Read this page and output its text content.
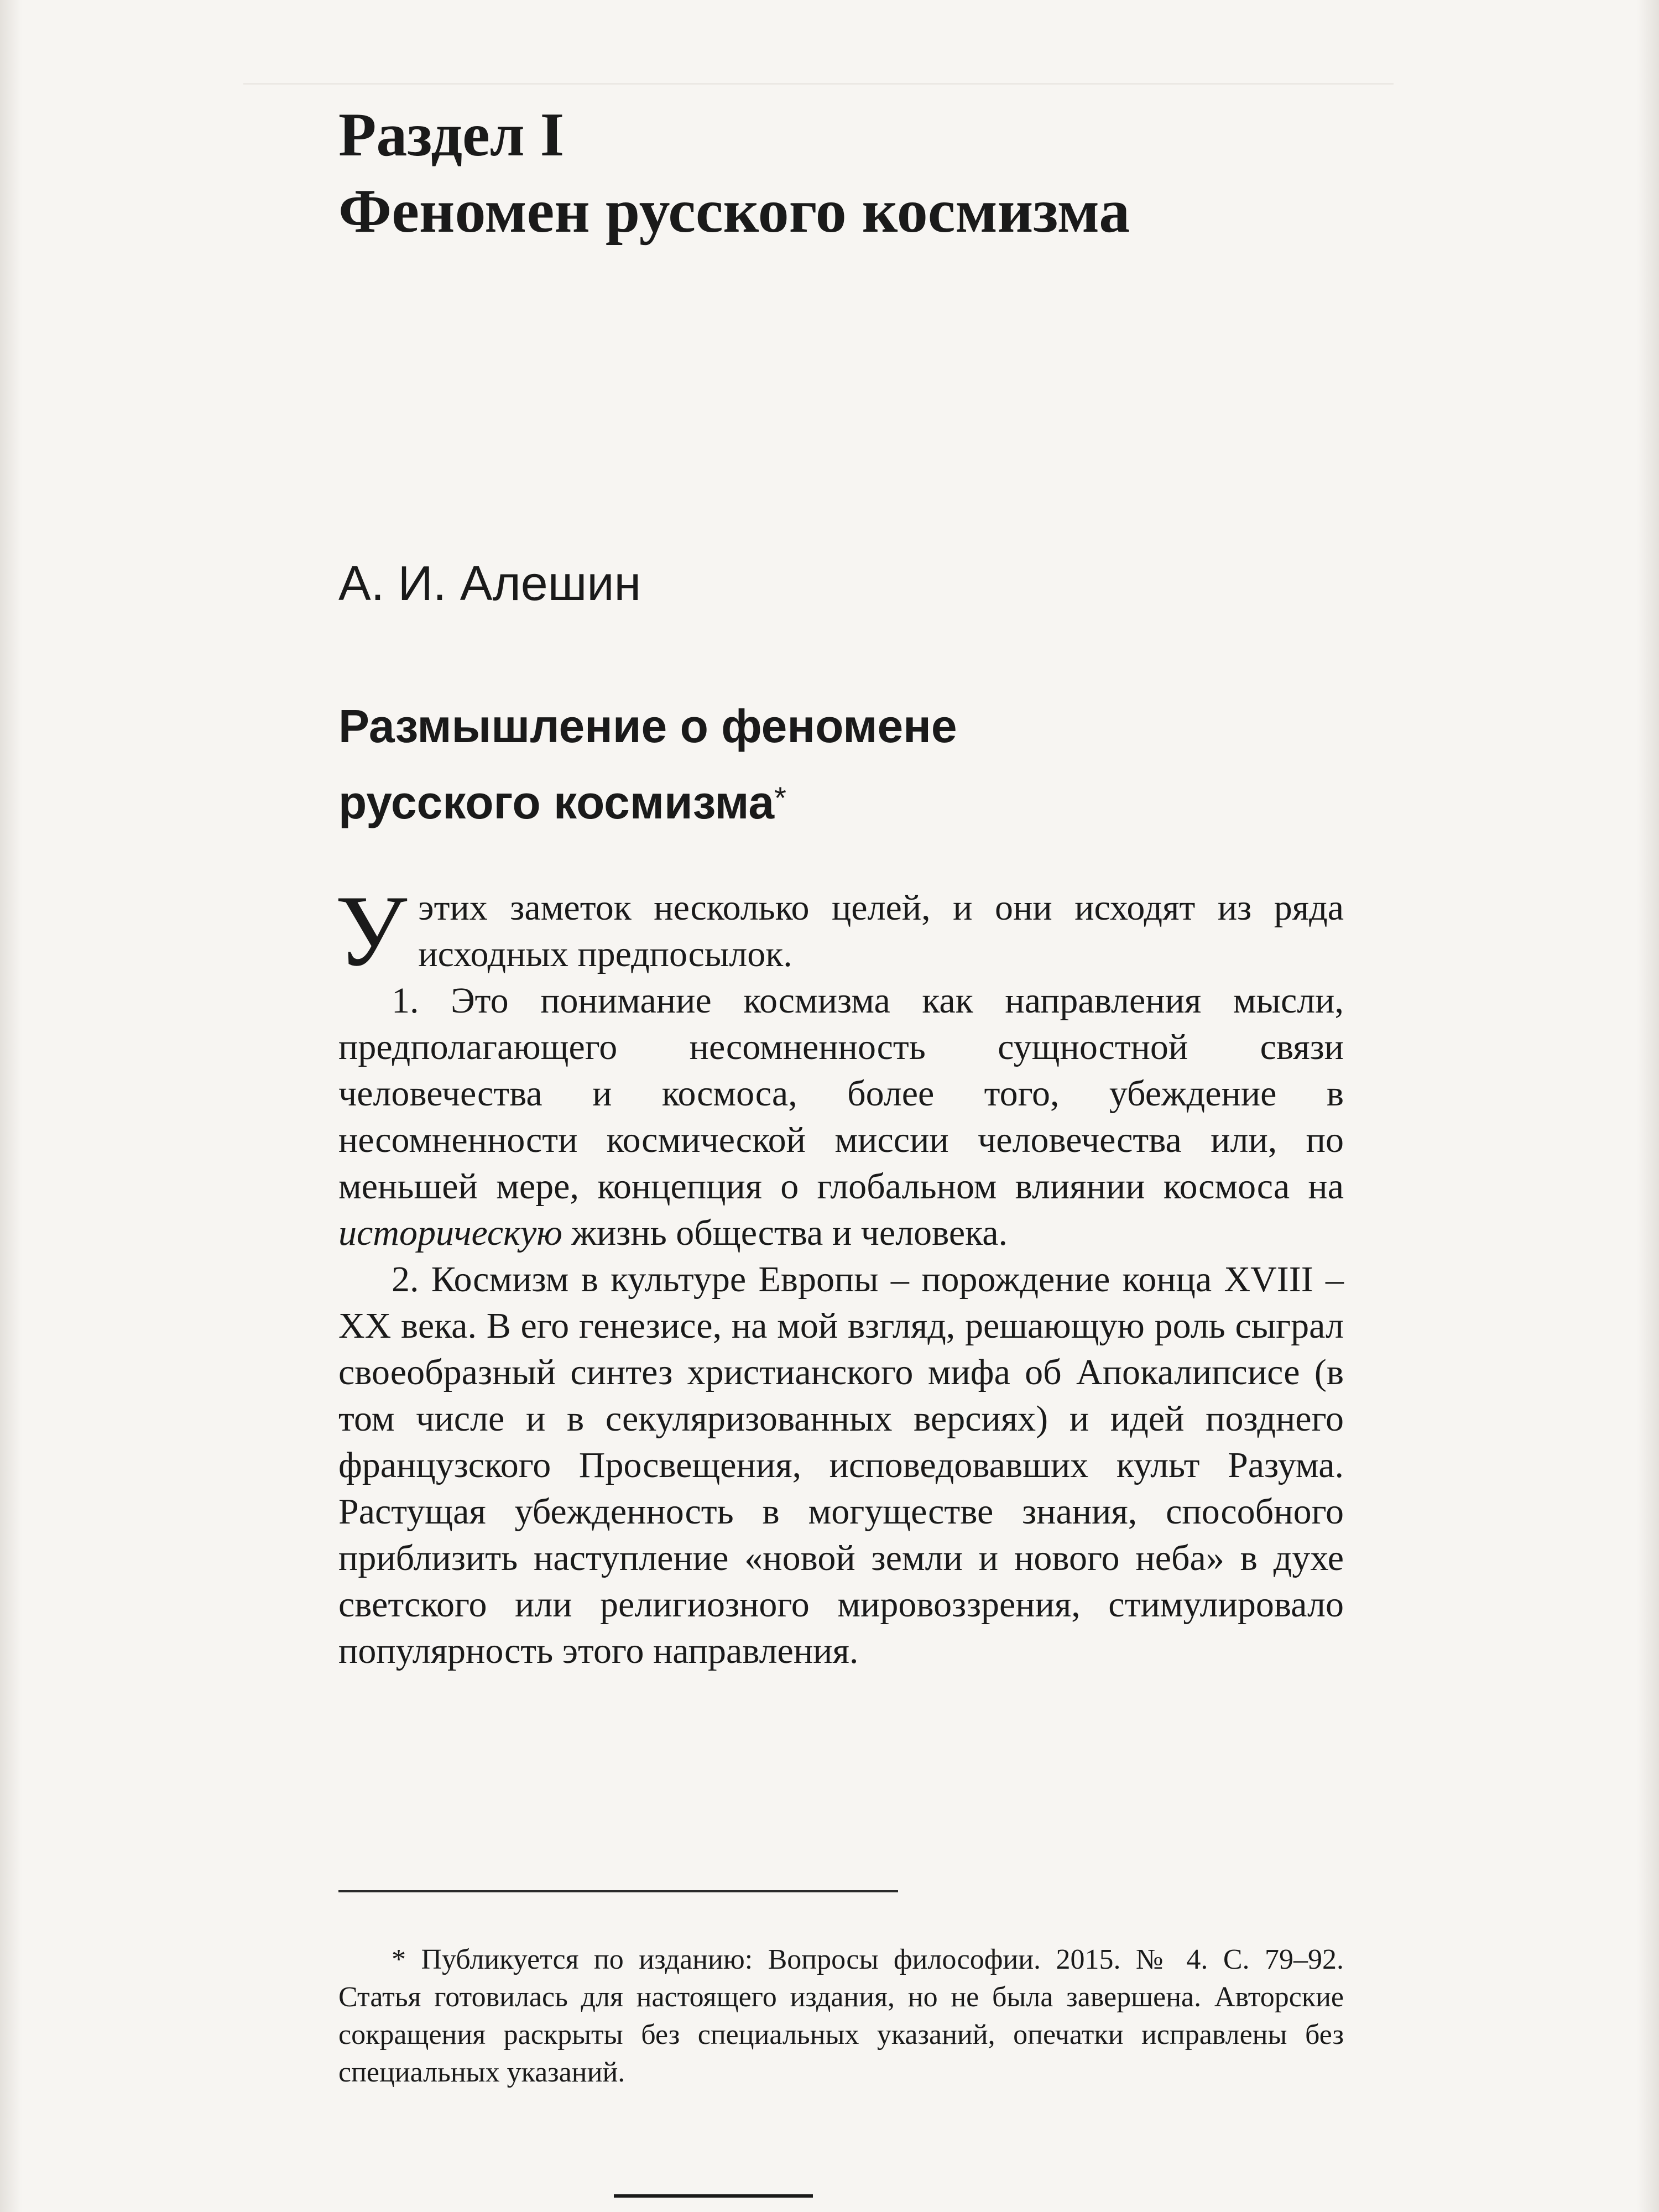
Раздел I
Феномен русского космизма
А. И. Алешин
Размышление о феномене
русского космизма*

У этих заметок несколько целей, и они исходят из ряда исходных предпосылок.

1. Это понимание космизма как направления мысли, предполагающего несомненность сущностной связи человечества и космоса, более того, убеждение в несомненности космической миссии человечества или, по меньшей мере, концепция о глобальном влиянии космоса на историческую жизнь общества и человека.

2. Космизм в культуре Европы – порождение конца XVIII – XX века. В его генезисе, на мой взгляд, решающую роль сыграл своеобразный синтез христианского мифа об Апокалипсисе (в том числе и в секуляризованных версиях) и идей позднего французского Просвещения, исповедовавших культ Разума. Растущая убежденность в могуществе знания, способного приблизить наступление «новой земли и нового неба» в духе светского или религиозного мировоззрения, стимулировало популярность этого направления.

* Публикуется по изданию: Вопросы философии. 2015. № 4. С. 79–92. Статья готовилась для настоящего издания, но не была завершена. Авторские сокращения раскрыты без специальных указаний, опечатки исправлены без специальных указаний.
